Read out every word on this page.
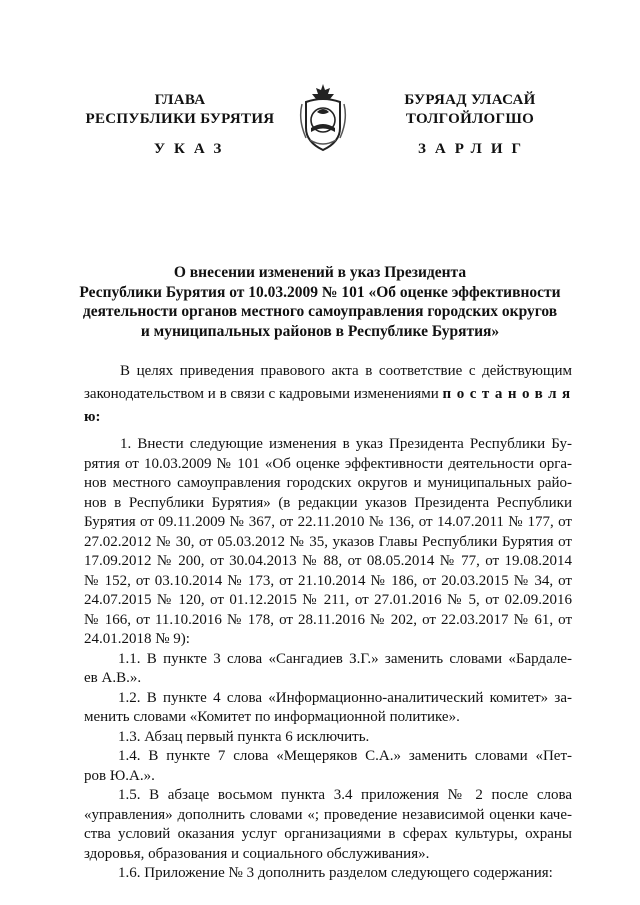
ГЛАВА
РЕСПУБЛИКИ БУРЯТИЯ
БУРЯАД УЛАСАЙ
ТОЛГОЙЛОГШО
УКАЗ	ЗАРЛИГ
О внесении изменений в указ Президента
Республики Бурятия от 10.03.2009 № 101 «Об оценке эффективности
деятельности органов местного самоуправления городских округов
и муниципальных районов в Республике Бурятия»
В целях приведения правового акта в соответствие с действующим
законодательством и в связи с кадровыми изменениями постановля
ю:
1. Внести следующие изменения в указ Президента Республики Бу-
рятия от 10.03.2009 № 101 «Об оценке эффективности деятельности орга-
нов местного самоуправления городских округов и муниципальных райо-
нов в Республики Бурятия» (в редакции указов Президента Республики
Бурятия от 09.11.2009 № 367, от 22.11.2010 № 136, от 14.07.2011 № 177, от
27.02.2012 № 30, от 05.03.2012 № 35, указов Главы Республики Бурятия от
17.09.2012 № 200, от 30.04.2013 № 88, от 08.05.2014 № 77, от 19.08.2014
№ 152, от 03.10.2014 № 173, от 21.10.2014 № 186, от 20.03.2015 № 34, от
24.07.2015 № 120, от 01.12.2015 № 211, от 27.01.2016 № 5, от 02.09.2016
№ 166, от 11.10.2016 № 178, от 28.11.2016 № 202, от 22.03.2017 № 61, от
24.01.2018 № 9):
1.1. В пункте 3 слова «Сангадиев З.Г.» заменить словами «Бардале-
ев А.В.».
1.2. В пункте 4 слова «Информационно-аналитический комитет» за-
менить словами «Комитет по информационной политике».
1.3. Абзац первый пункта 6 исключить.
1.4. В пункте 7 слова «Мещеряков С.А.» заменить словами «Пет-
ров Ю.А.».
1.5. В абзаце восьмом пункта 3.4 приложения № 2 после слова
«управления» дополнить словами «; проведение независимой оценки каче-
ства условий оказания услуг организациями в сферах культуры, охраны
здоровья, образования и социального обслуживания».
1.6. Приложение № 3 дополнить разделом следующего содержания:
